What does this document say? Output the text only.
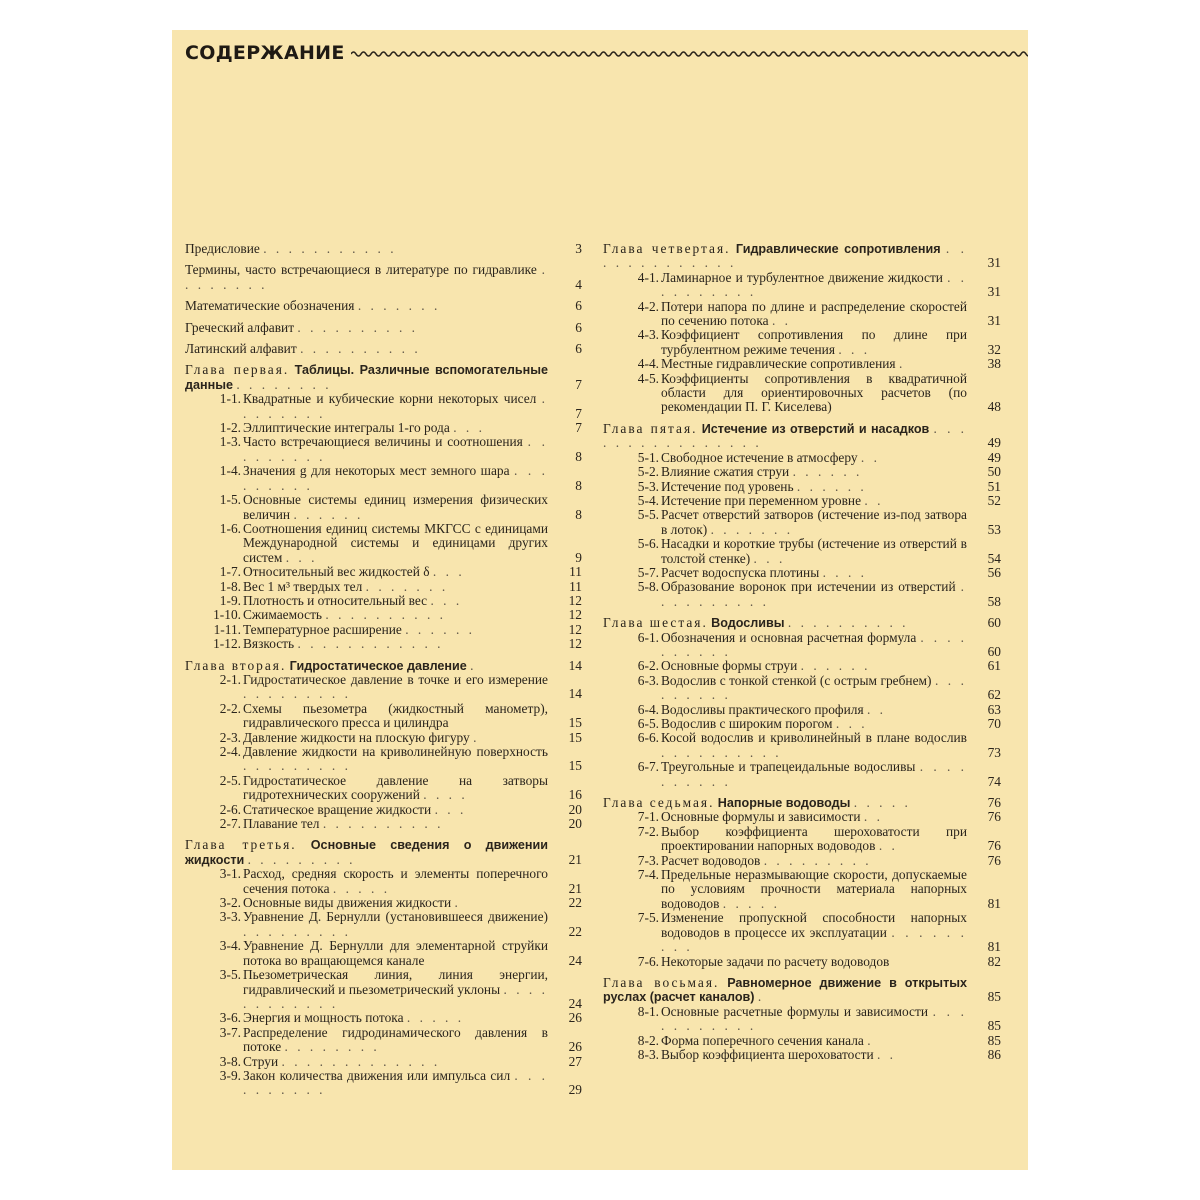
СОДЕРЖАНИЕ
Предисловие . . . . . . . . . . .	3
Термины, часто встречающиеся в литературе по гидравлике . . . . . . . .	4
Математические обозначения . . . . . . .	6
Греческий алфавит . . . . . . . . . .	6
Латинский алфавит . . . . . . . . . .	6
Глава первая. Таблицы. Различные вспомогательные данные . . . . . . . .	7
1-1. Квадратные и кубические корни некоторых чисел . . . . . . . .	7
1-2. Эллиптические интегралы 1-го рода . . .	7
1-3. Часто встречающиеся величины и соотношения . . . . . . . . .	8
1-4. Значения g для некоторых мест земного шара . . . . . . . . .	8
1-5. Основные системы единиц измерения физических величин . . . . . .	8
1-6. Соотношения единиц системы МКГСС с единицами Международной системы и единицами других систем . . .	9
1-7. Относительный вес жидкостей δ . . .	11
1-8. Вес 1 м³ твердых тел . . . . . . .	11
1-9. Плотность и относительный вес . . .	12
1-10. Сжимаемость . . . . . . . . . .	12
1-11. Температурное расширение . . . . . .	12
1-12. Вязкость . . . . . . . . . . . .	12
Глава вторая. Гидростатическое давление .	14
2-1. Гидростатическое давление в точке и его измерение . . . . . . . . .	14
2-2. Схемы пьезометра (жидкостный манометр), гидравлического пресса и цилиндра	15
2-3. Давление жидкости на плоскую фигуру .	15
2-4. Давление жидкости на криволинейную поверхность . . . . . . . . .	15
2-5. Гидростатическое давление на затворы гидротехнических сооружений . . . .	16
2-6. Статическое вращение жидкости . . .	20
2-7. Плавание тел . . . . . . . . . .	20
Глава третья. Основные сведения о движении жидкости . . . . . . . . .	21
3-1. Расход, средняя скорость и элементы поперечного сечения потока . . . . .	21
3-2. Основные виды движения жидкости .	22
3-3. Уравнение Д. Бернулли (установившееся движение) . . . . . . . . .	22
3-4. Уравнение Д. Бернулли для элементарной струйки потока во вращающемся канале	24
3-5. Пьезометрическая линия, линия энергии, гидравлический и пьезометрический уклоны . . . . . . . . . . . .	24
3-6. Энергия и мощность потока . . . . .	26
3-7. Распределение гидродинамического давления в потоке . . . . . . . .	26
3-8. Струи . . . . . . . . . . . . .	27
3-9. Закон количества движения или импульса сил . . . . . . . . . .	29
Глава четвертая. Гидравлические сопротивления . . . . . . . . . . . . .	31
4-1. Ламинарное и турбулентное движение жидкости . . . . . . . . . .	31
4-2. Потери напора по длине и распределение скоростей по сечению потока . .	31
4-3. Коэффициент сопротивления по длине при турбулентном режиме течения . . .	32
4-4. Местные гидравлические сопротивления .	38
4-5. Коэффициенты сопротивления в квадратичной области для ориентировочных расчетов (по рекомендации П. Г. Киселева)	48
Глава пятая. Истечение из отверстий и насадков . . . . . . . . . . . . . . . .	49
5-1. Свободное истечение в атмосферу . .	49
5-2. Влияние сжатия струи . . . . . .	50
5-3. Истечение под уровень . . . . . .	51
5-4. Истечение при переменном уровне . .	52
5-5. Расчет отверстий затворов (истечение из-под затвора в лоток) . . . . . . .	53
5-6. Насадки и короткие трубы (истечение из отверстий в толстой стенке) . . .	54
5-7. Расчет водоспуска плотины . . . .	56
5-8. Образование воронок при истечении из отверстий . . . . . . . . . .	58
Глава шестая. Водосливы . . . . . . . . . .	60
6-1. Обозначения и основная расчетная формула . . . . . . . . . .	60
6-2. Основные формы струи . . . . . .	61
6-3. Водослив с тонкой стенкой (с острым гребнем) . . . . . . . . .	62
6-4. Водосливы практического профиля . .	63
6-5. Водослив с широким порогом . . .	70
6-6. Косой водослив и криволинейный в плане водослив . . . . . . . . . .	73
6-7. Треугольные и трапецеидальные водосливы . . . . . . . . . .	74
Глава седьмая. Напорные водоводы . . . . .	76
7-1. Основные формулы и зависимости . .	76
7-2. Выбор коэффициента шероховатости при проектировании напорных водоводов . .	76
7-3. Расчет водоводов . . . . . . . . .	76
7-4. Предельные неразмывающие скорости, допускаемые по условиям прочности материала напорных водоводов . . . . .	81
7-5. Изменение пропускной способности напорных водоводов в процессе их эксплуатации . . . . . . . . .	81
7-6. Некоторые задачи по расчету водоводов	82
Глава восьмая. Равномерное движение в открытых руслах (расчет каналов) .	85
8-1. Основные расчетные формулы и зависимости . . . . . . . . . . .	85
8-2. Форма поперечного сечения канала .	85
8-3. Выбор коэффициента шероховатости . .	86
